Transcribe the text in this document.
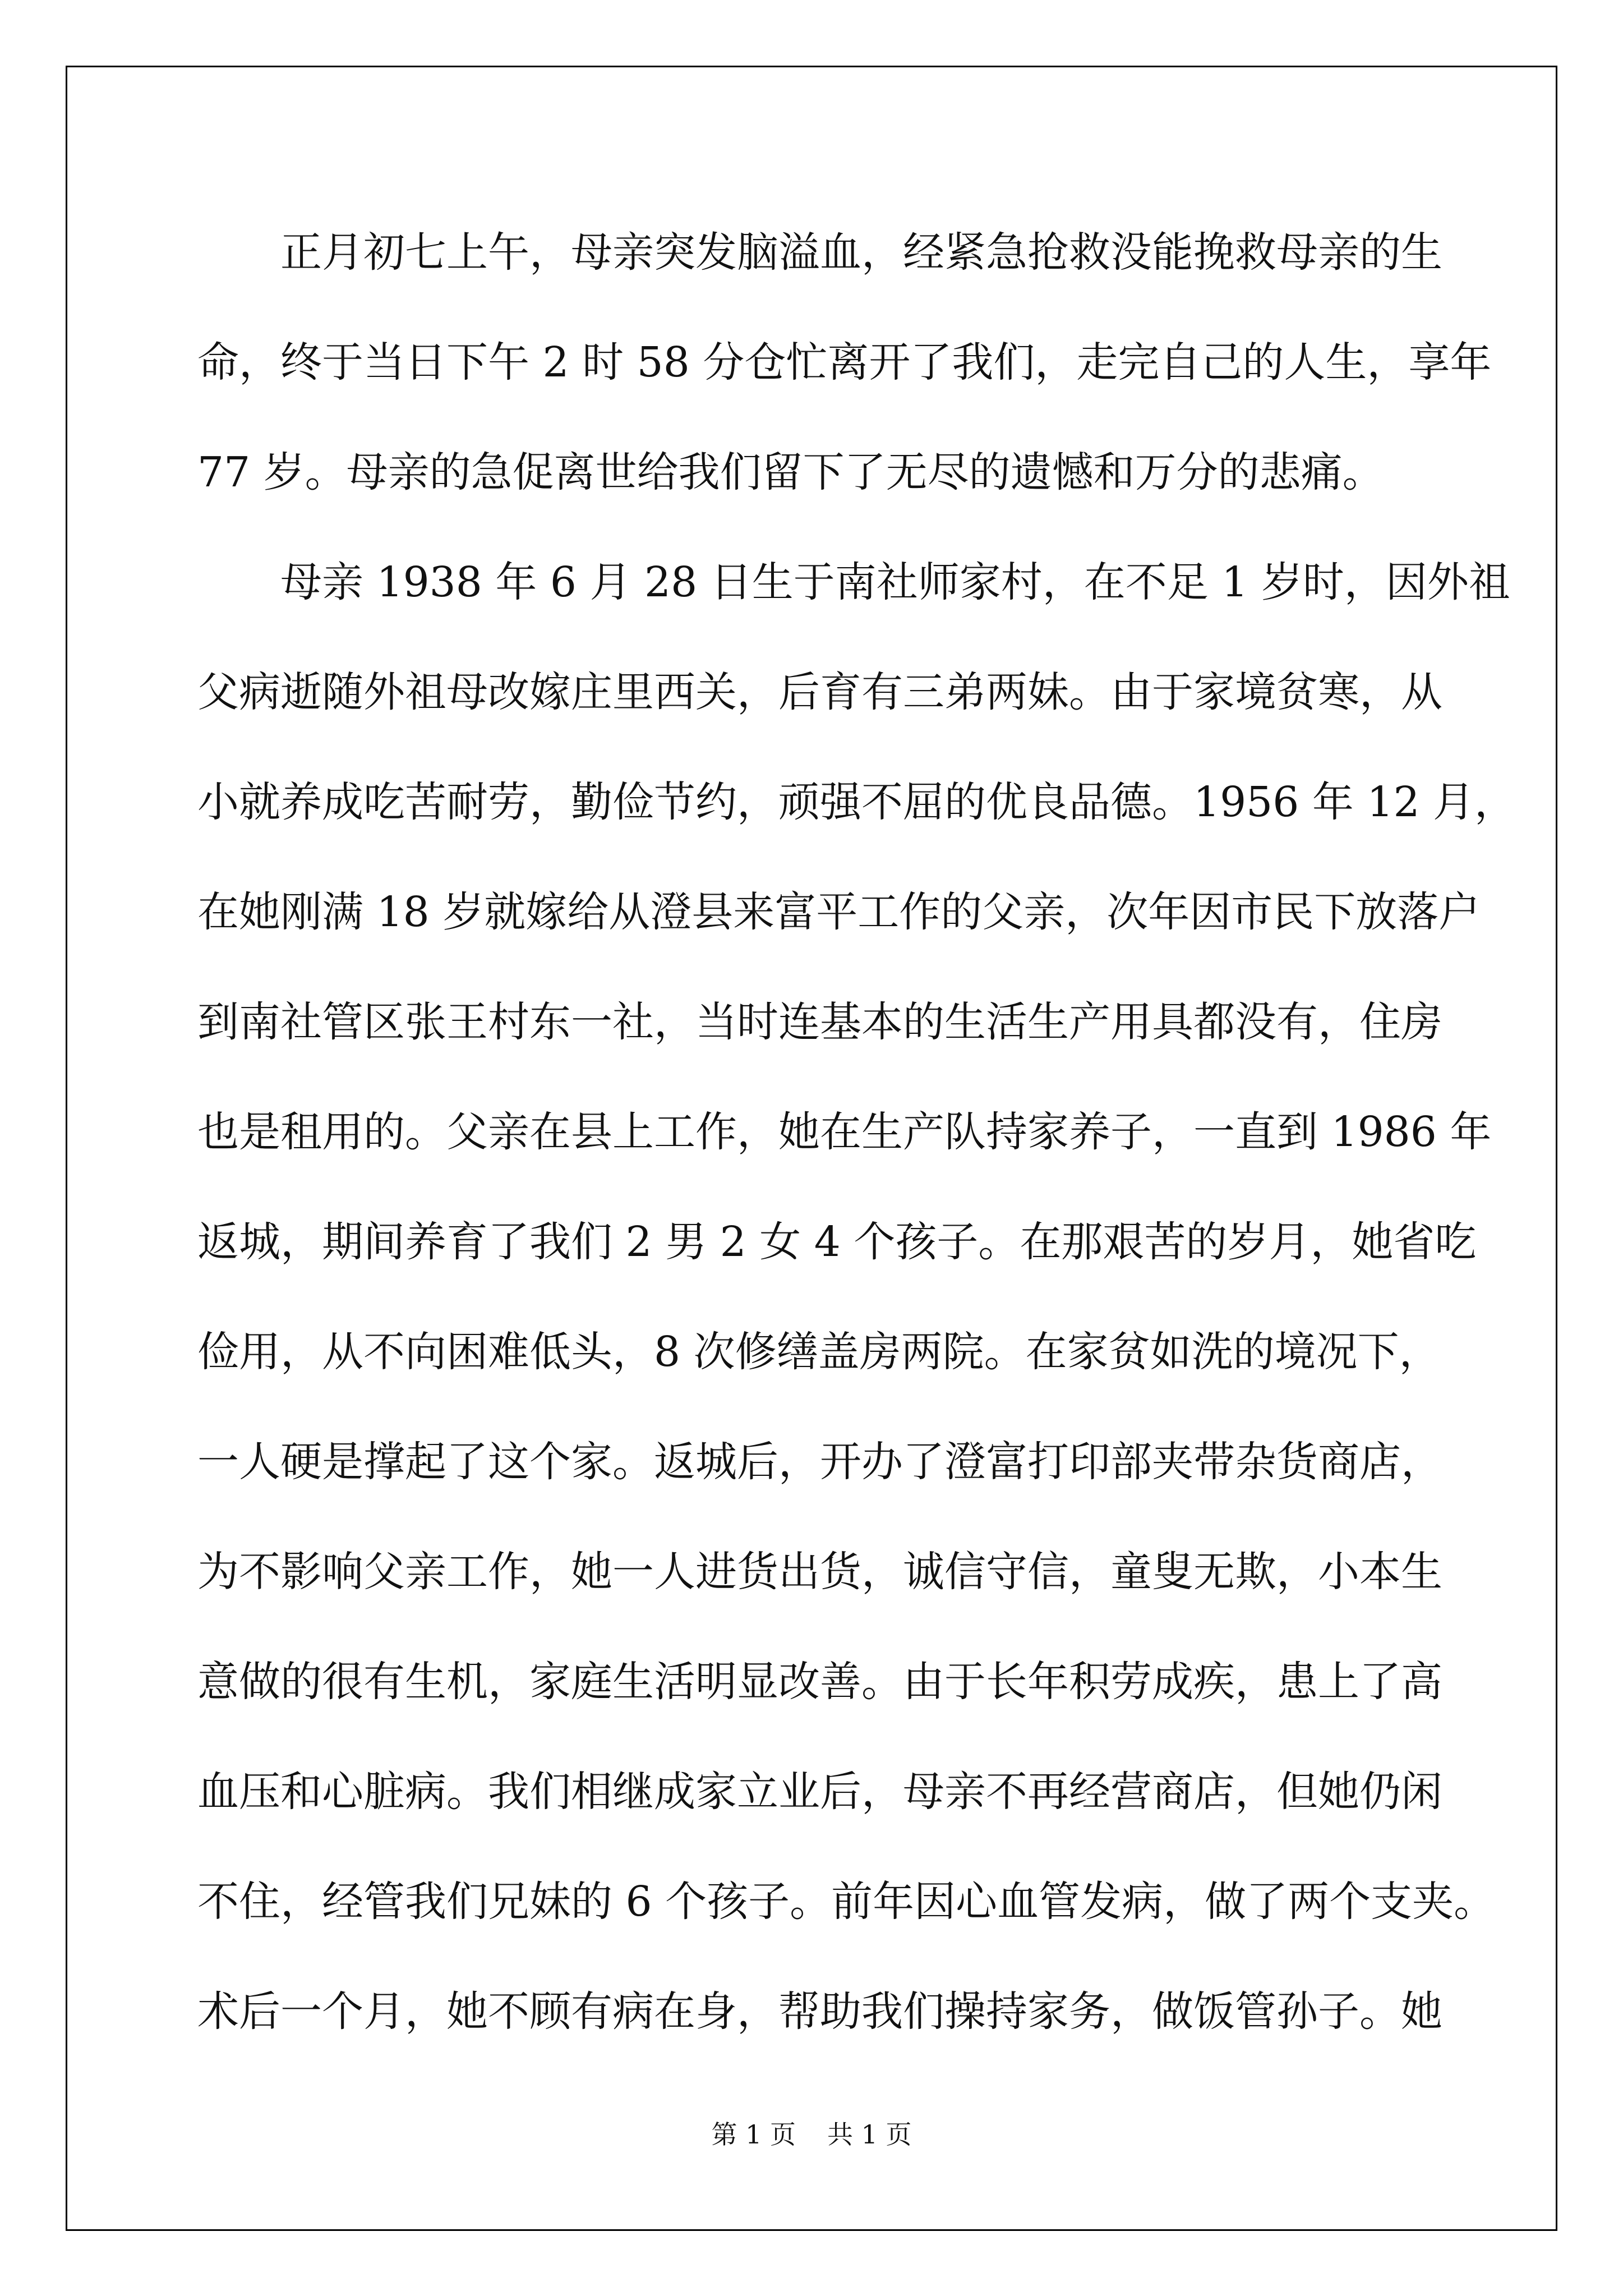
正月初七上午，母亲突发脑溢血，经紧急抢救没能挽救母亲的生
命，终于当日下午 2 时 58 分仓忙离开了我们，走完自己的人生，享年
77 岁。母亲的急促离世给我们留下了无尽的遗憾和万分的悲痛。
母亲 1938 年 6 月 28 日生于南社师家村，在不足 1 岁时，因外祖
父病逝随外祖母改嫁庄里西关，后育有三弟两妹。由于家境贫寒，从
小就养成吃苦耐劳，勤俭节约，顽强不屈的优良品德。1956 年 12 月，
在她刚满 18 岁就嫁给从澄县来富平工作的父亲，次年因市民下放落户
到南社管区张王村东一社，当时连基本的生活生产用具都没有，住房
也是租用的。父亲在县上工作，她在生产队持家养子，一直到 1986 年
返城，期间养育了我们 2 男 2 女 4 个孩子。在那艰苦的岁月，她省吃
俭用，从不向困难低头，8 次修缮盖房两院。在家贫如洗的境况下，
一人硬是撑起了这个家。返城后，开办了澄富打印部夹带杂货商店，
为不影响父亲工作，她一人进货出货，诚信守信，童叟无欺，小本生
意做的很有生机，家庭生活明显改善。由于长年积劳成疾，患上了高
血压和心脏病。我们相继成家立业后，母亲不再经营商店，但她仍闲
不住，经管我们兄妹的 6 个孩子。前年因心血管发病，做了两个支夹。
术后一个月，她不顾有病在身，帮助我们操持家务，做饭管孙子。她
第 1 页 共 1 页
